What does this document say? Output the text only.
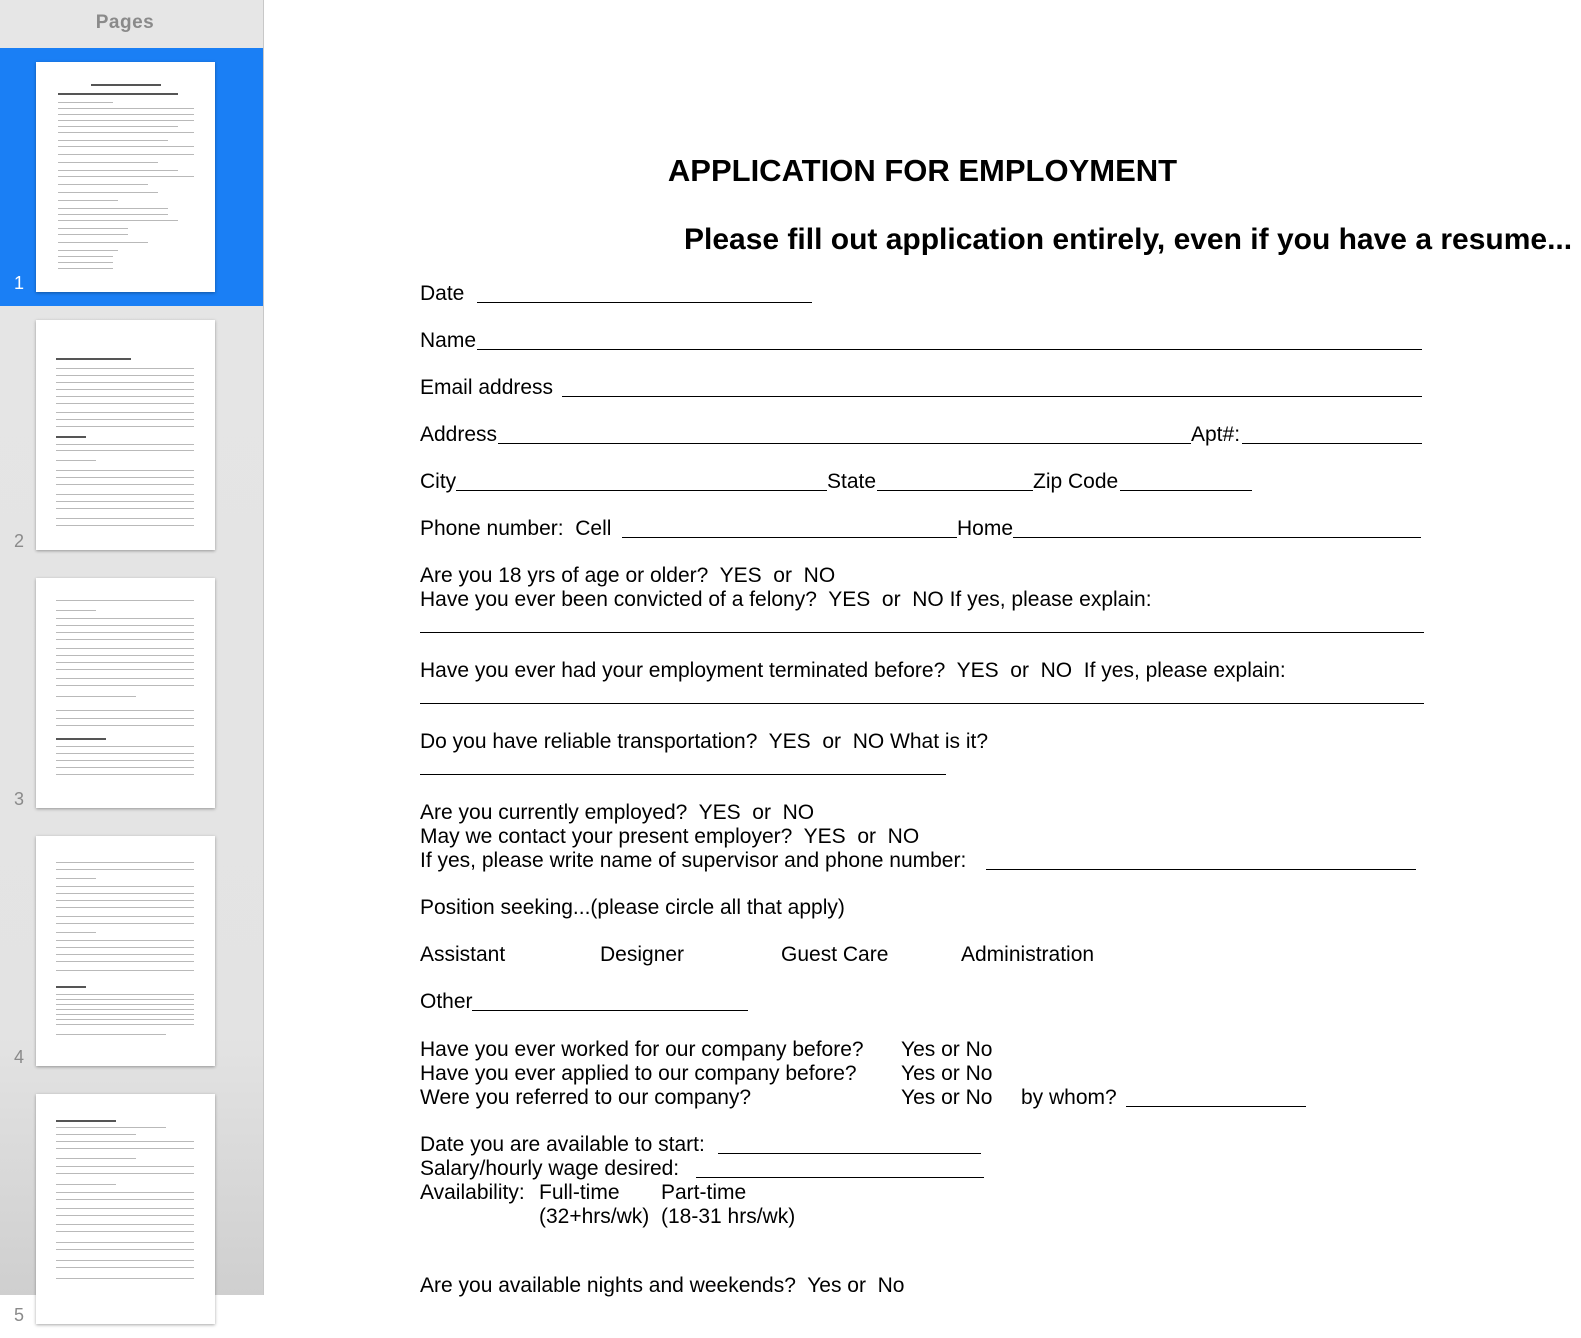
Pages
1
2
3
4
5
APPLICATION FOR EMPLOYMENT
Please fill out application entirely, even if you have a resume...
Date
Name
Email address
Address	Apt#:
City	State	Zip Code
Phone number:  Cell	Home
Are you 18 yrs of age or older?  YES  or  NO
Have you ever been convicted of a felony?  YES  or  NO If yes, please explain:
Have you ever had your employment terminated before?  YES  or  NO  If yes, please explain:
Do you have reliable transportation?  YES  or  NO What is it?
Are you currently employed?  YES  or  NO
May we contact your present employer?  YES  or  NO
If yes, please write name of supervisor and phone number:
Position seeking...(please circle all that apply)
Assistant	Designer	Guest Care	Administration
Other
Have you ever worked for our company before? Yes or No
Have you ever applied to our company before? Yes or No
Were you referred to our company?	Yes or No by whom?
Date you are available to start:
Salary/hourly wage desired:
Availability: Full-time Part-time
(32+hrs/wk) (18-31 hrs/wk)
Are you available nights and weekends?  Yes or  No
